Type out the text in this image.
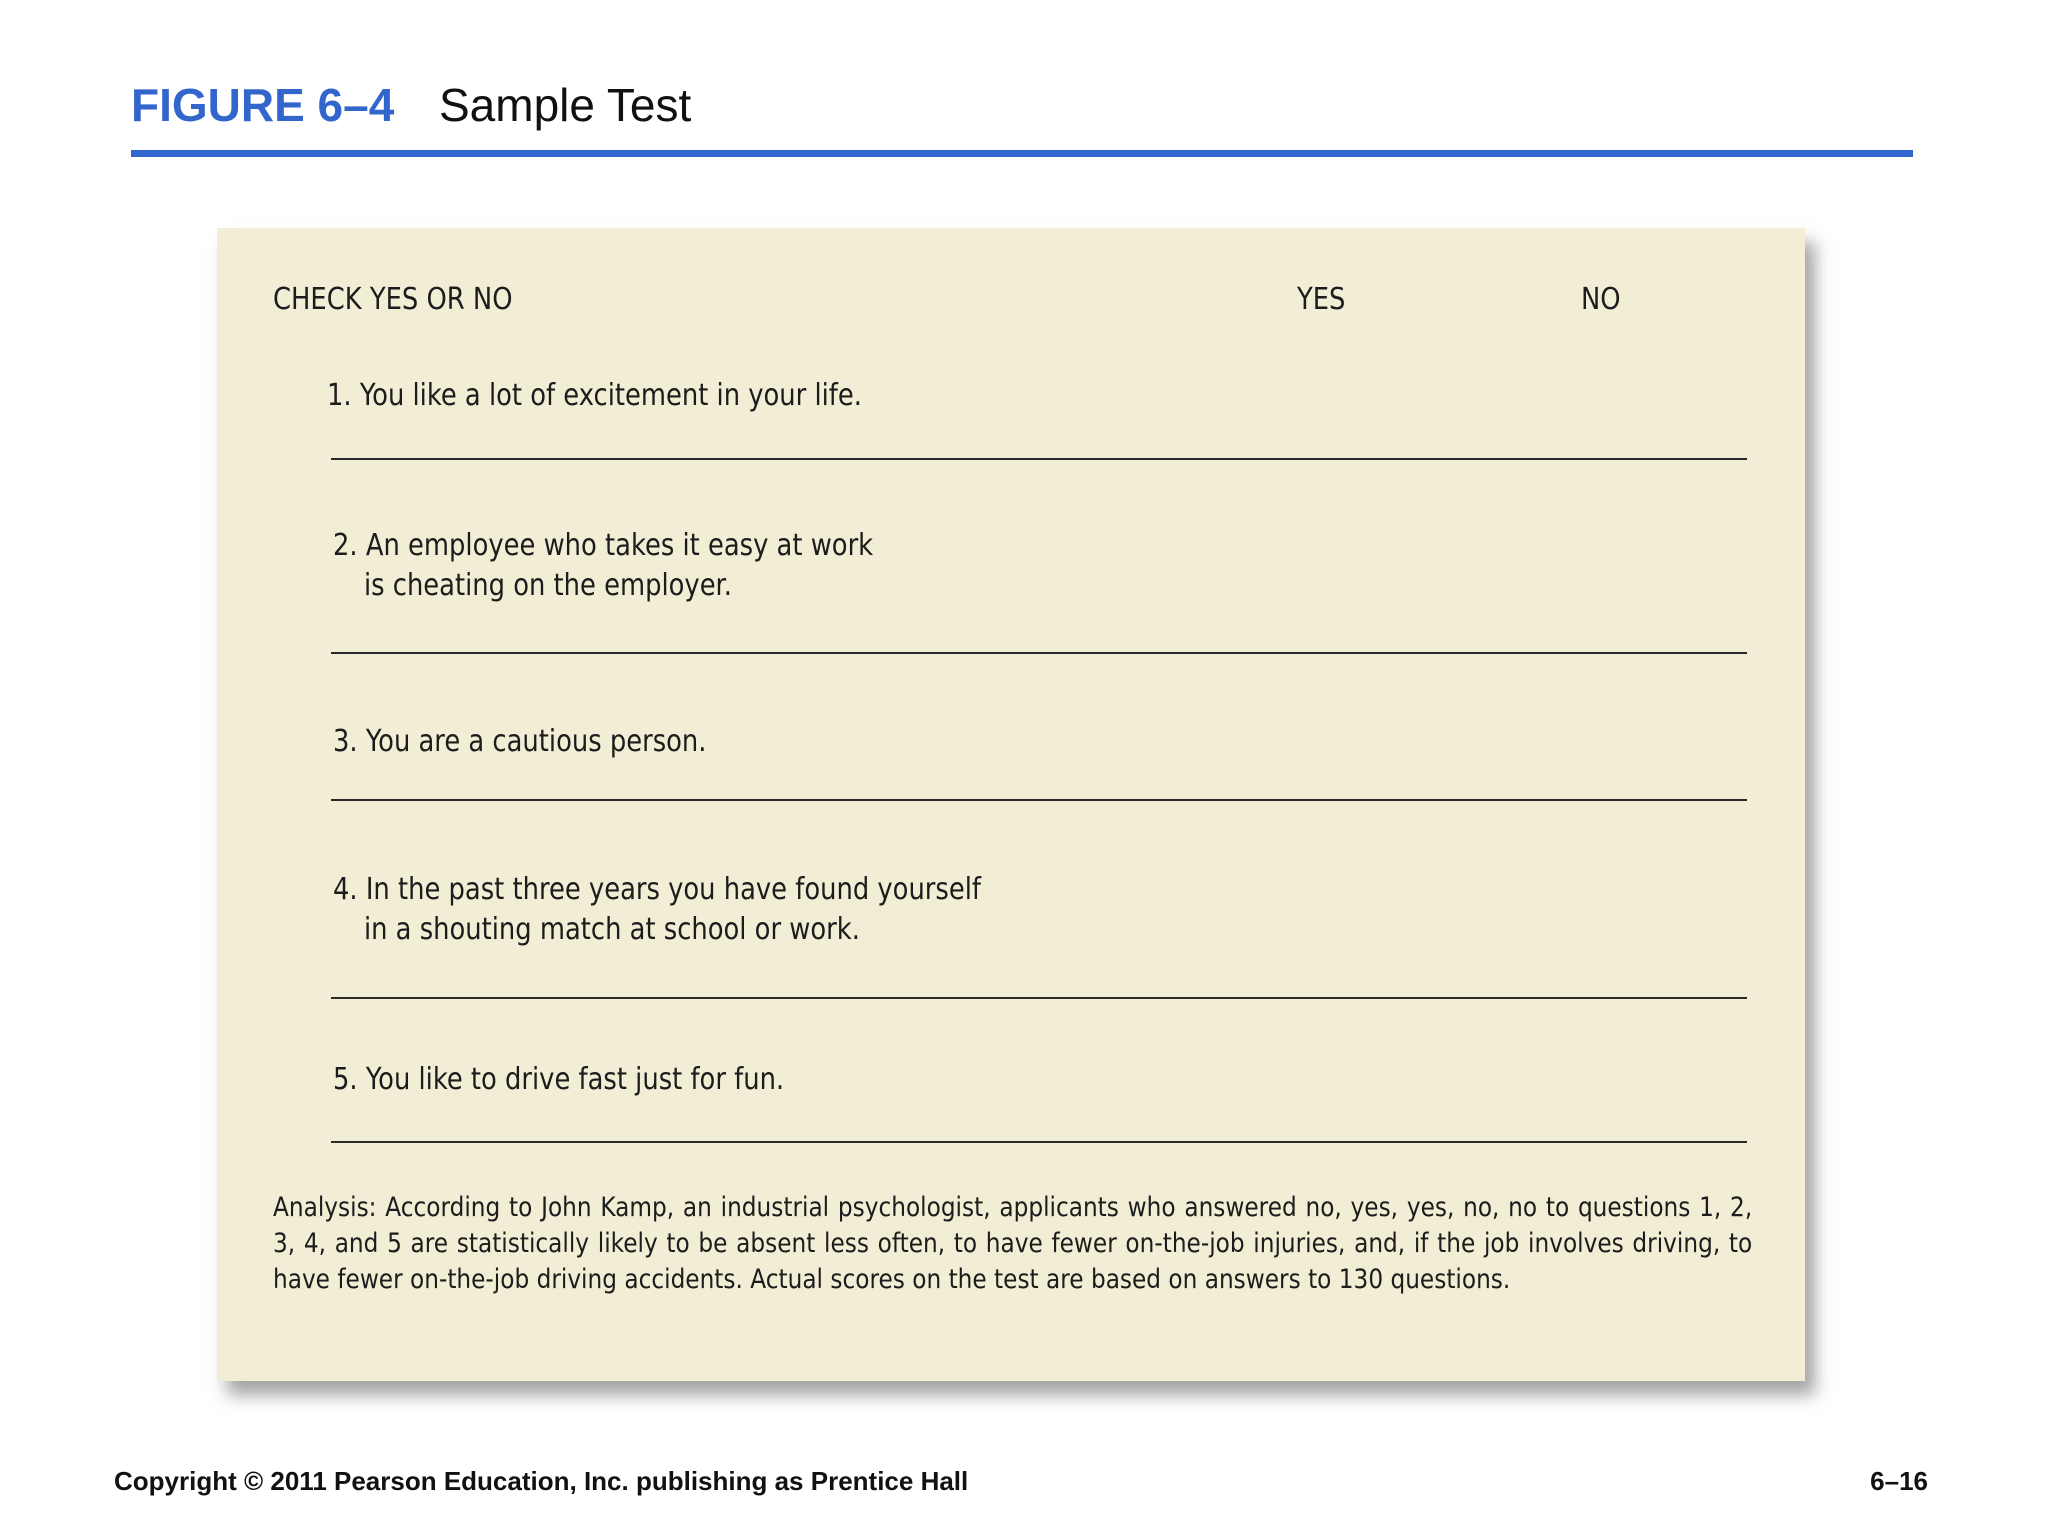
FIGURE 6–4 Sample Test
CHECK YES OR NO	YES	NO
1. You like a lot of excitement in your life.
2. An employee who takes it easy at work
is cheating on the employer.
3. You are a cautious person.
4. In the past three years you have found yourself
in a shouting match at school or work.
5. You like to drive fast just for fun.
Analysis: According to John Kamp, an industrial psychologist, applicants who answered no, yes, yes, no, no to questions 1, 2, 3, 4, and 5 are statistically likely to be absent less often, to have fewer on-the-job injuries, and, if the job involves driving, to have fewer on-the-job driving accidents. Actual scores on the test are based on answers to 130 questions.
Copyright © 2011 Pearson Education, Inc. publishing as Prentice Hall	6–16
